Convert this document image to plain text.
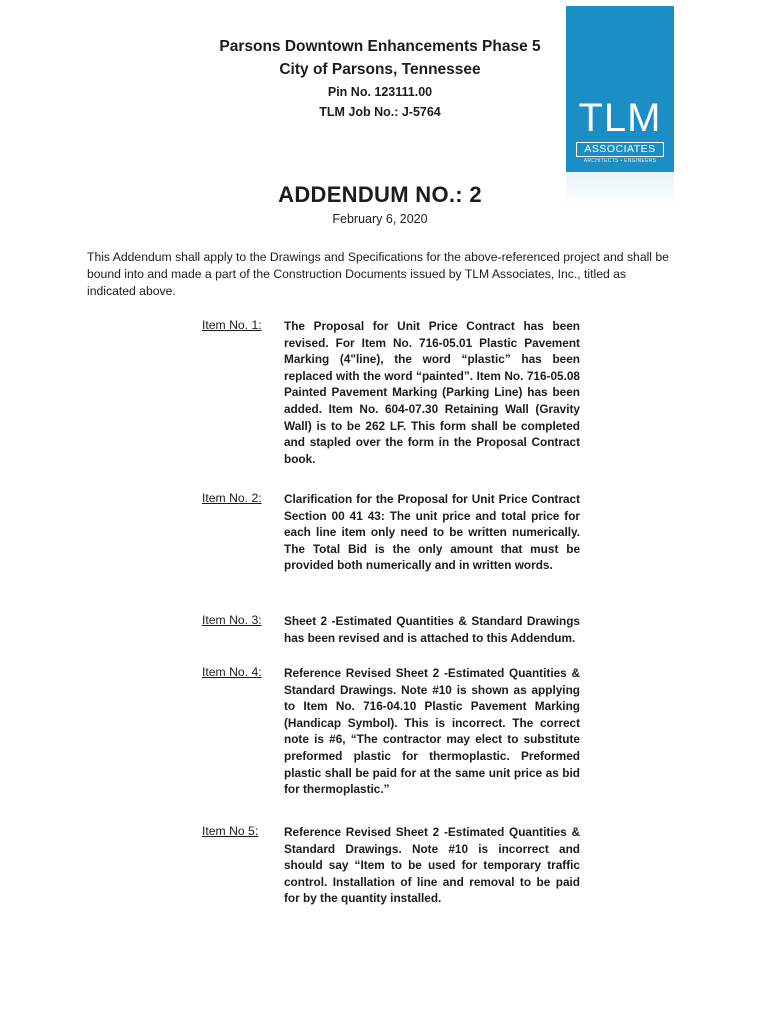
TLM
ASSOCIATES
ARCHITECTS • ENGINEERS
Parsons Downtown Enhancements Phase 5
City of Parsons, Tennessee
Pin No. 123111.00
TLM Job No.: J-5764
ADDENDUM NO.: 2
February 6, 2020
This Addendum shall apply to the Drawings and Specifications for the above-referenced project and shall be bound into and made a part of the Construction Documents issued by TLM Associates, Inc., titled as indicated above.
Item No. 1: The Proposal for Unit Price Contract has been revised. For Item No. 716-05.01 Plastic Pavement Marking (4"line), the word “plastic” has been replaced with the word “painted”. Item No. 716-05.08 Painted Pavement Marking (Parking Line) has been added. Item No. 604-07.30 Retaining Wall (Gravity Wall) is to be 262 LF. This form shall be completed and stapled over the form in the Proposal Contract book.
Item No. 2: Clarification for the Proposal for Unit Price Contract Section 00 41 43: The unit price and total price for each line item only need to be written numerically. The Total Bid is the only amount that must be provided both numerically and in written words.
Item No. 3: Sheet 2 -Estimated Quantities & Standard Drawings has been revised and is attached to this Addendum.
Item No. 4: Reference Revised Sheet 2 -Estimated Quantities & Standard Drawings. Note #10 is shown as applying to Item No. 716-04.10 Plastic Pavement Marking (Handicap Symbol). This is incorrect. The correct note is #6, “The contractor may elect to substitute preformed plastic for thermoplastic. Preformed plastic shall be paid for at the same unit price as bid for thermoplastic.”
Item No 5: Reference Revised Sheet 2 -Estimated Quantities & Standard Drawings. Note #10 is incorrect and should say “Item to be used for temporary traffic control. Installation of line and removal to be paid for by the quantity installed.
